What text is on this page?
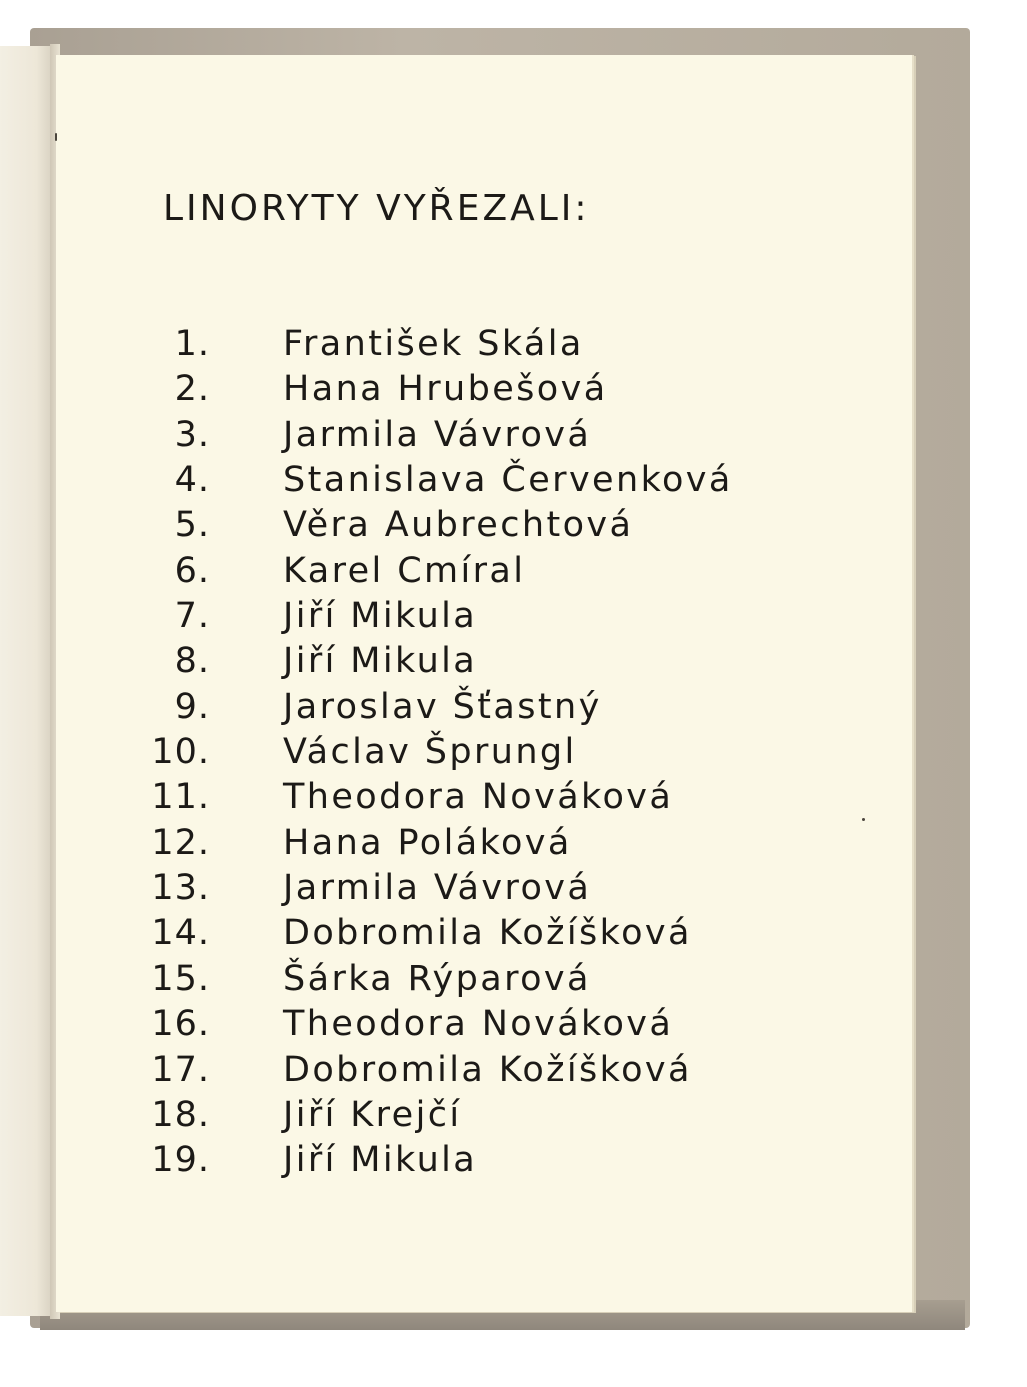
LINORYTY VYŘEZALI:
1. František Skála
2. Hana Hrubešová
3. Jarmila Vávrová
4. Stanislava Červenková
5. Věra Aubrechtová
6. Karel Cmíral
7. Jiří Mikula
8. Jiří Mikula
9. Jaroslav Šťastný
10. Václav Šprungl
11. Theodora Nováková
12. Hana Poláková
13. Jarmila Vávrová
14. Dobromila Kožíšková
15. Šárka Rýparová
16. Theodora Nováková
17. Dobromila Kožíšková
18. Jiří Krejčí
19. Jiří Mikula
